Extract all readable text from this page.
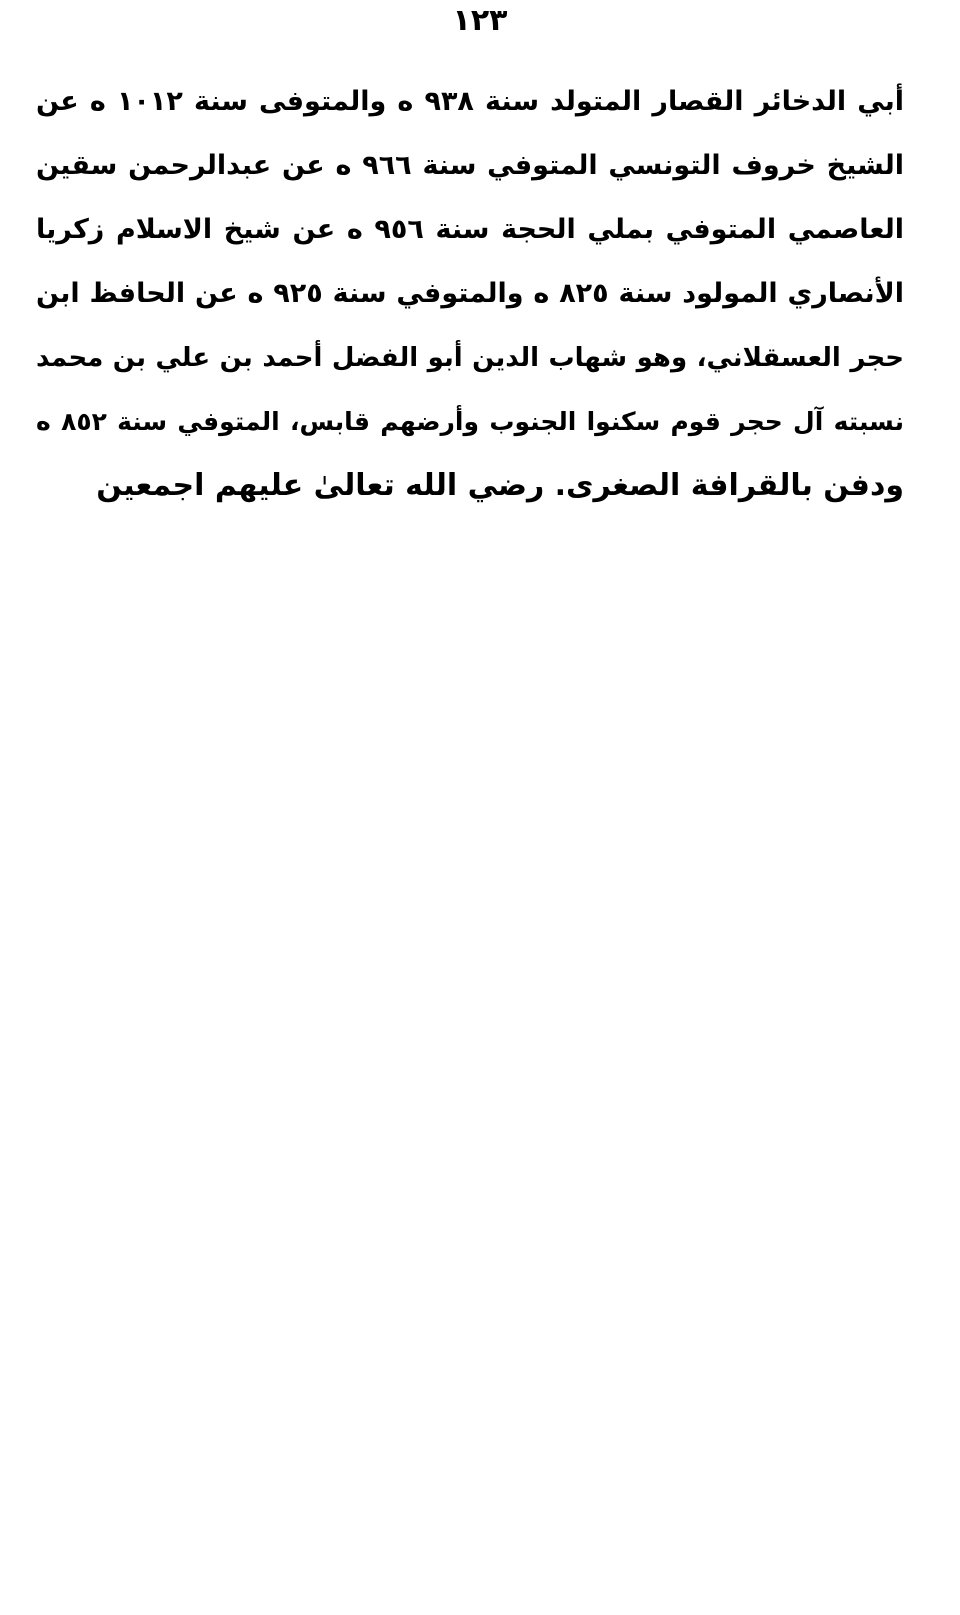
١٢٣
أبي الدخائر القصار المتولد سنة ٩٣٨ ه والمتوفى سنة ١٠١٢ ه عن
الشيخ خروف التونسي المتوفي سنة ٩٦٦ ه عن عبدالرحمن سقين
العاصمي المتوفي بملي الحجة سنة ٩٥٦ ه عن شيخ الاسلام زكريا
الأنصاري المولود سنة ٨٢٥ ه والمتوفي سنة ٩٢٥ ه عن الحافظ ابن
حجر العسقلاني، وهو شهاب الدين أبو الفضل أحمد بن علي بن محمد
نسبته آل حجر قوم سكنوا الجنوب وأرضهم قابس، المتوفي سنة ٨٥٢ ه
ودفن بالقرافة الصغرى. رضي الله تعالىٰ عليهم اجمعين
